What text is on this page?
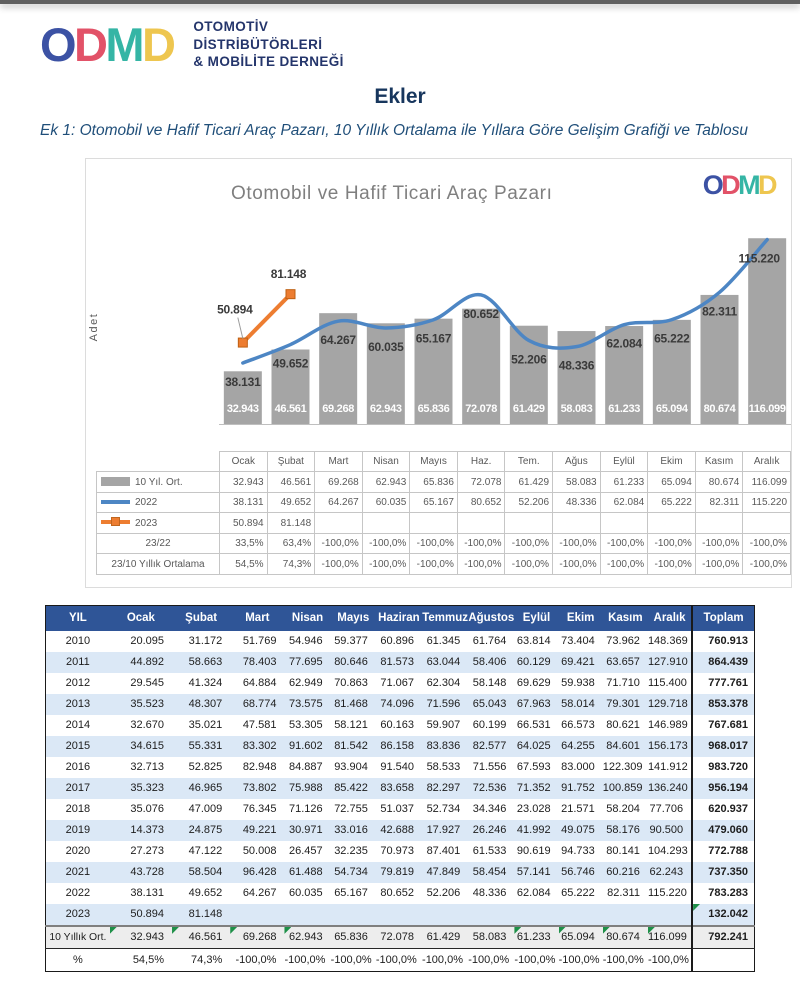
O D M D OTOMOTİV
DİSTRİBÜTÖRLERİ
& MOBİLİTE DERNEĞİ
Ekler
Ek 1: Otomobil ve Hafif Ticari Araç Pazarı, 10 Yıllık Ortalama ile Yıllara Göre Gelişim Grafiği ve Tablosu
Otomobil ve Hafif Ticari Araç Pazarı	O D M D
Adet
32.943 46.561 69.268 62.943 65.836 72.078 61.429 58.083 61.233 65.094 80.674 116.099
38.131
49.652
64.267 60.035
65.167
80.652
52.206 48.336
62.084 65.222
82.311
115.220
50.894
81.148
	Ocak	Şubat	Mart	Nisan	Mayıs	Haz.	Tem.	Ağus	Eylül	Ekim	Kasım	Aralık
10 Yıl. Ort.	32.943	46.561	69.268	62.943	65.836	72.078	61.429	58.083	61.233	65.094	80.674	116.099
2022	38.131	49.652	64.267	60.035	65.167	80.652	52.206	48.336	62.084	65.222	82.311	115.220
2023	50.894	81.148										
23/22	33,5%	63,4%	-100,0%	-100,0%	-100,0%	-100,0%	-100,0%	-100,0%	-100,0%	-100,0%	-100,0%	-100,0%
23/10 Yıllık Ortalama	54,5%	74,3%	-100,0%	-100,0%	-100,0%	-100,0%	-100,0%	-100,0%	-100,0%	-100,0%	-100,0%	-100,0%
YIL	Ocak	Şubat	Mart	Nisan	Mayıs	Haziran	Temmuz	Ağustos	Eylül	Ekim	Kasım	Aralık	Toplam
2010	20.095	31.172	51.769	54.946	59.377	60.896	61.345	61.764	63.814	73.404	73.962	148.369	760.913
2011	44.892	58.663	78.403	77.695	80.646	81.573	63.044	58.406	60.129	69.421	63.657	127.910	864.439
2012	29.545	41.324	64.884	62.949	70.863	71.067	62.304	58.148	69.629	59.938	71.710	115.400	777.761
2013	35.523	48.307	68.774	73.575	81.468	74.096	71.596	65.043	67.963	58.014	79.301	129.718	853.378
2014	32.670	35.021	47.581	53.305	58.121	60.163	59.907	60.199	66.531	66.573	80.621	146.989	767.681
2015	34.615	55.331	83.302	91.602	81.542	86.158	83.836	82.577	64.025	64.255	84.601	156.173	968.017
2016	32.713	52.825	82.948	84.887	93.904	91.540	58.533	71.556	67.593	83.000	122.309	141.912	983.720
2017	35.323	46.965	73.802	75.988	85.422	83.658	82.297	72.536	71.352	91.752	100.859	136.240	956.194
2018	35.076	47.009	76.345	71.126	72.755	51.037	52.734	34.346	23.028	21.571	58.204	77.706	620.937
2019	14.373	24.875	49.221	30.971	33.016	42.688	17.927	26.246	41.992	49.075	58.176	90.500	479.060
2020	27.273	47.122	50.008	26.457	32.235	70.973	87.401	61.533	90.619	94.733	80.141	104.293	772.788
2021	43.728	58.504	96.428	61.488	54.734	79.819	47.849	58.454	57.141	56.746	60.216	62.243	737.350
2022	38.131	49.652	64.267	60.035	65.167	80.652	52.206	48.336	62.084	65.222	82.311	115.220	783.283
2023	50.894	81.148											132.042

10 Yıllık Ort.	32.943	46.561	69.268	62.943	65.836	72.078	61.429	58.083	61.233	65.094	80.674	116.099	792.241
%	54,5%	74,3%	-100,0%	-100,0%	-100,0%	-100,0%	-100,0%	-100,0%	-100,0%	-100,0%	-100,0%	-100,0%	
